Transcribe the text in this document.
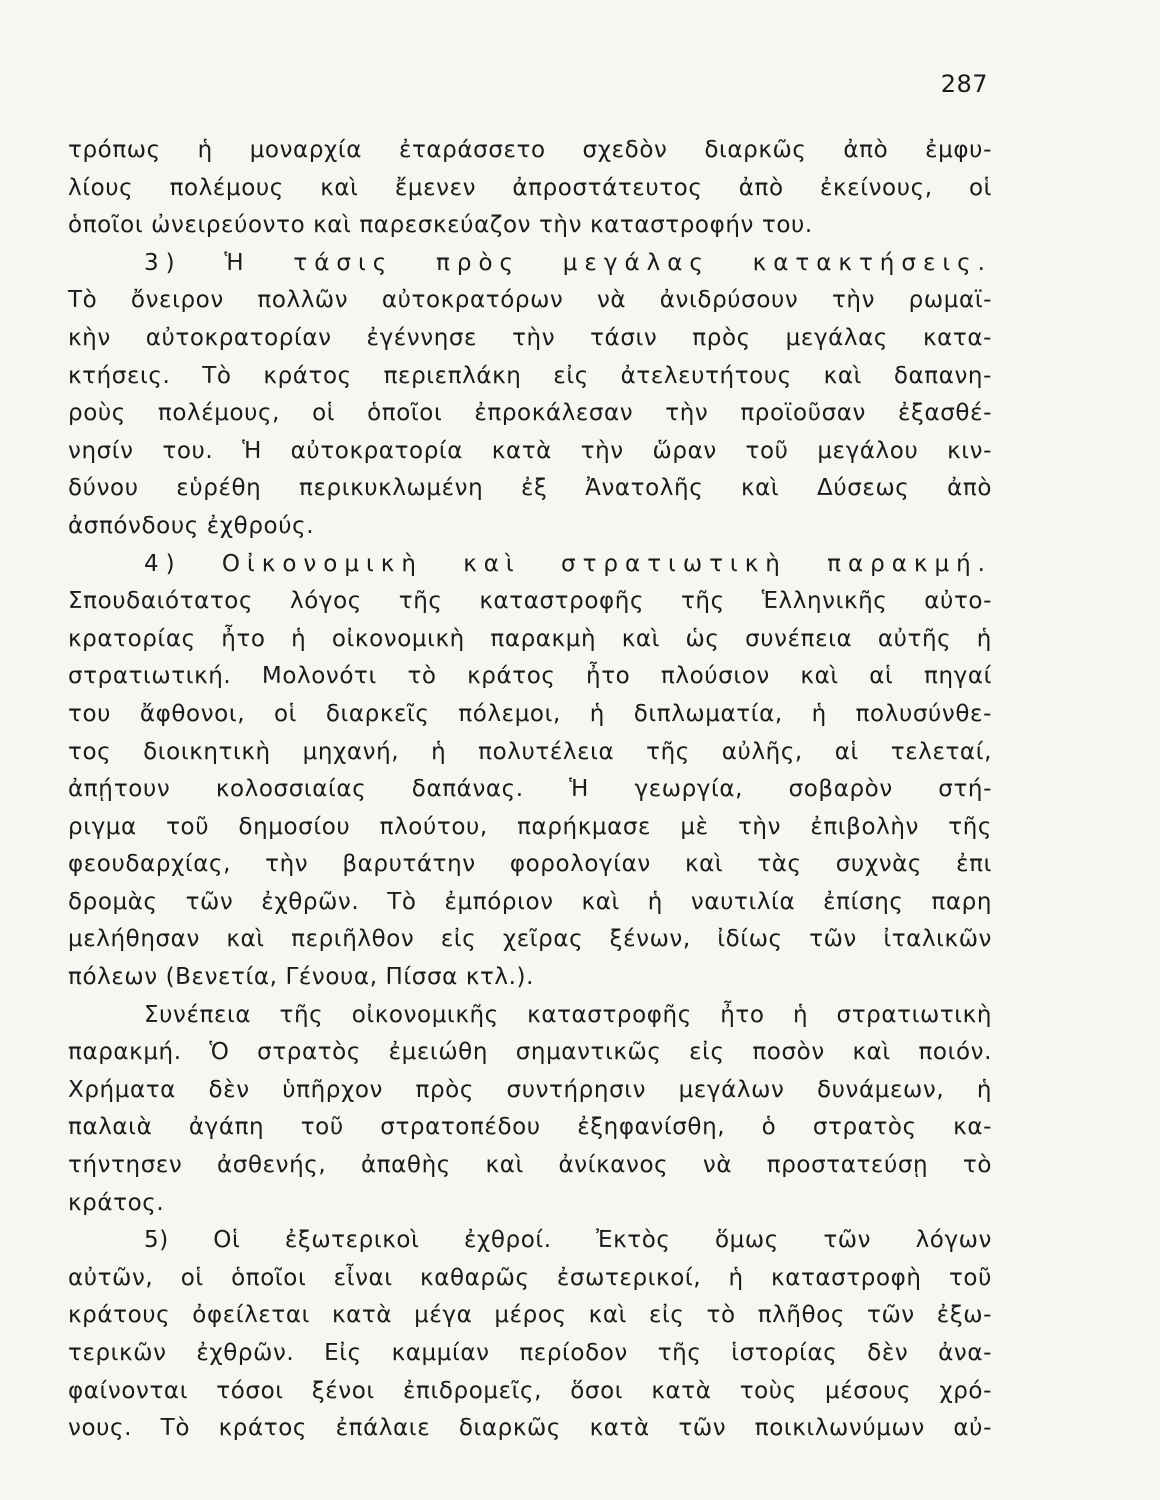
287
τρόπως ἡ μοναρχία ἐταράσσετο σχεδὸν διαρκῶς ἀπὸ ἐμφυ-
λίους πολέμους καὶ ἔμενεν ἀπροστάτευτος ἀπὸ ἐκείνους, οἱ
ὁποῖοι ὠνειρεύοντο καὶ παρεσκεύαζον τὴν καταστροφήν του.
3) Ἡ τάσις πρὸς μεγάλας κατακτήσεις.
Τὸ ὄνειρον πολλῶν αὐτοκρατόρων νὰ ἀνιδρύσουν τὴν ρωμαϊ-
κὴν αὐτοκρατορίαν ἐγέννησε τὴν τάσιν πρὸς μεγάλας κατα-
κτήσεις. Τὸ κράτος περιεπλάκη εἰς ἀτελευτήτους καὶ δαπανη-
ροὺς πολέμους, οἱ ὁποῖοι ἐπροκάλεσαν τὴν προϊοῦσαν ἐξασθέ-
νησίν του. Ἡ αὐτοκρατορία κατὰ τὴν ὥραν τοῦ μεγάλου κιν-
δύνου εὑρέθη περικυκλωμένη ἐξ Ἀνατολῆς καὶ Δύσεως ἀπὸ
ἀσπόνδους ἐχθρούς.
4) Οἰκονομικὴ καὶ στρατιωτικὴ παρακμή.
Σπουδαιότατος λόγος τῆς καταστροφῆς τῆς Ἑλληνικῆς αὐτο-
κρατορίας ἦτο ἡ οἰκονομικὴ παρακμὴ καὶ ὡς συνέπεια αὐτῆς ἡ
στρατιωτική. Μολονότι τὸ κράτος ἦτο πλούσιον καὶ αἱ πηγαί
του ἄφθονοι, οἱ διαρκεῖς πόλεμοι, ἡ διπλωματία, ἡ πολυσύνθε-
τος διοικητικὴ μηχανή, ἡ πολυτέλεια τῆς αὐλῆς, αἱ τελεταί,
ἀπῄτουν κολοσσιαίας δαπάνας. Ἡ γεωργία, σοβαρὸν στή-
ριγμα τοῦ δημοσίου πλούτου, παρήκμασε μὲ τὴν ἐπιβολὴν τῆς
φεουδαρχίας, τὴν βαρυτάτην φορολογίαν καὶ τὰς συχνὰς ἐπι
δρομὰς τῶν ἐχθρῶν. Τὸ ἐμπόριον καὶ ἡ ναυτιλία ἐπίσης παρη
μελήθησαν καὶ περιῆλθον εἰς χεῖρας ξένων, ἰδίως τῶν ἰταλικῶν
πόλεων (Βενετία, Γένουα, Πίσσα κτλ.).
Συνέπεια τῆς οἰκονομικῆς καταστροφῆς ἦτο ἡ στρατιωτικὴ
παρακμή. Ὁ στρατὸς ἐμειώθη σημαντικῶς εἰς ποσὸν καὶ ποιόν.
Χρήματα δὲν ὑπῆρχον πρὸς συντήρησιν μεγάλων δυνάμεων, ἡ
παλαιὰ ἀγάπη τοῦ στρατοπέδου ἐξηφανίσθη, ὁ στρατὸς κα-
τήντησεν ἀσθενής, ἀπαθὴς καὶ ἀνίκανος νὰ προστατεύσῃ τὸ
κράτος.
5) Οἱ ἐξωτερικοὶ ἐχθροί. Ἐκτὸς ὅμως τῶν λόγων
αὐτῶν, οἱ ὁποῖοι εἶναι καθαρῶς ἐσωτερικοί, ἡ καταστροφὴ τοῦ
κράτους ὀφείλεται κατὰ μέγα μέρος καὶ εἰς τὸ πλῆθος τῶν ἐξω-
τερικῶν ἐχθρῶν. Εἰς καμμίαν περίοδον τῆς ἱστορίας δὲν ἀνα-
φαίνονται τόσοι ξένοι ἐπιδρομεῖς, ὅσοι κατὰ τοὺς μέσους χρό-
νους. Τὸ κράτος ἐπάλαιε διαρκῶς κατὰ τῶν ποικιλωνύμων αὐ-
